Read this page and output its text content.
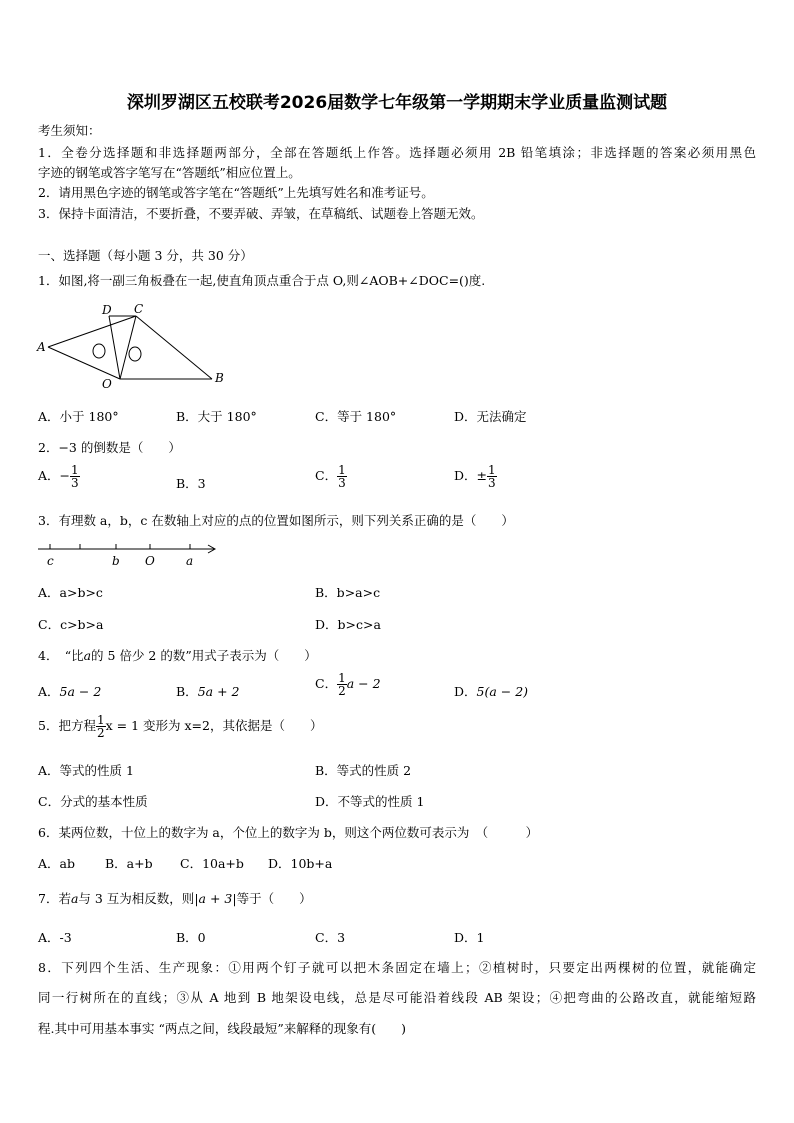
深圳罗湖区五校联考2026届数学七年级第一学期期末学业质量监测试题
考生须知：
1．全卷分选择题和非选择题两部分，全部在答题纸上作答。选择题必须用 2B 铅笔填涂；非选择题的答案必须用黑色
字迹的钢笔或答字笔写在“答题纸”相应位置上。
2．请用黑色字迹的钢笔或答字笔在“答题纸”上先填写姓名和准考证号。
3．保持卡面清洁，不要折叠，不要弄破、弄皱，在草稿纸、试题卷上答题无效。
一、选择题（每小题 3 分，共 30 分）
1．如图,将一副三角板叠在一起,使直角顶点重合于点 O,则∠AOB+∠DOC=()度.
A
D C
O	B
A．小于 180°	B．大于 180°	C．等于 180°	D．无法确定
2．−3 的倒数是（　　）
A．− $\frac{1}{3}$	B．3
C． $\frac{1}{3}$	D．± $\frac{1}{3}$
3．有理数 a，b，c 在数轴上对应的点的位置如图所示，则下列关系正确的是（　　）
c	b O	a
A．a>b>c	B．b>a>c
C．c>b>a	D．b>c>a
4．　“比a的 5 倍少 2 的数”用式子表示为（　　）
A．5a − 2	B．5a + 2
C． $\frac{1}{2}$ a − 2
D．5(a − 2)
5．把方程 $\frac{1}{2}$ x = 1 变形为 x=2，其依据是（　　）
A．等式的性质 1	B．等式的性质 2
C．分式的基本性质	D．不等式的性质 1
6．某两位数，十位上的数字为 a，个位上的数字为 b，则这个两位数可表示为　（　　　）
A．ab B．a+b C．10a+b D．10b+a
7．若a与 3 互为相反数，则|a + 3|等于（　　）
A．-3	B．0	C．3	D．1
8．下列四个生活、生产现象：①用两个钉子就可以把木条固定在墙上；②植树时，只要定出两棵树的位置，就能确定
同一行树所在的直线；③从 A 地到 B 地架设电线，总是尽可能沿着线段 AB 架设；④把弯曲的公路改直，就能缩短路
程.其中可用基本事实 “两点之间，线段最短”来解释的现象有(　　)
